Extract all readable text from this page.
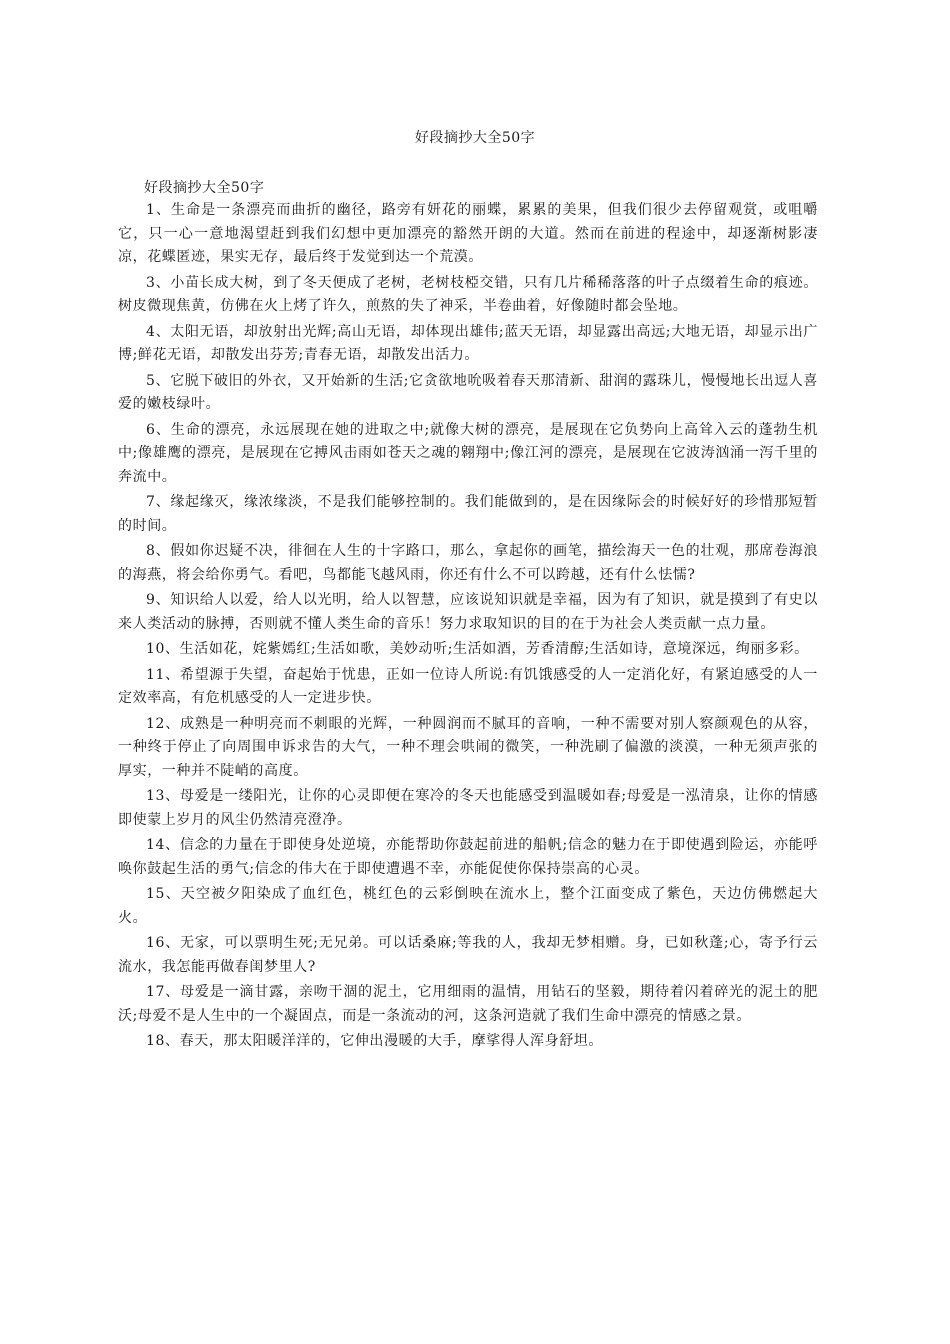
好段摘抄大全50字
好段摘抄大全50字

1、生命是一条漂亮而曲折的幽径，路旁有妍花的丽蝶，累累的美果，但我们很少去停留观赏，或咀嚼它，只一心一意地渴望赶到我们幻想中更加漂亮的豁然开朗的大道。然而在前进的程途中，却逐渐树影凄凉，花蝶匿迹，果实无存，最后终于发觉到达一个荒漠。

3、小苗长成大树，到了冬天便成了老树，老树枝椏交错，只有几片稀稀落落的叶子点缀着生命的痕迹。树皮微现焦黄，仿佛在火上烤了许久，煎熬的失了神采，半卷曲着，好像随时都会坠地。

4、太阳无语，却放射出光辉;高山无语，却体现出雄伟;蓝天无语，却显露出高远;大地无语，却显示出广博;鲜花无语，却散发出芬芳;青春无语，却散发出活力。

5、它脱下破旧的外衣，又开始新的生活;它贪欲地吮吸着春天那清新、甜润的露珠儿，慢慢地长出逗人喜爱的嫩枝绿叶。

6、生命的漂亮，永远展现在她的进取之中;就像大树的漂亮，是展现在它负势向上高耸入云的蓬勃生机中;像雄鹰的漂亮，是展现在它搏风击雨如苍天之魂的翱翔中;像江河的漂亮，是展现在它波涛汹涌一泻千里的奔流中。

7、缘起缘灭，缘浓缘淡，不是我们能够控制的。我们能做到的，是在因缘际会的时候好好的珍惜那短暂的时间。

8、假如你迟疑不决，徘徊在人生的十字路口，那么，拿起你的画笔，描绘海天一色的壮观，那席卷海浪的海燕，将会给你勇气。看吧，鸟都能飞越风雨，你还有什么不可以跨越，还有什么怯懦?

9、知识给人以爱，给人以光明，给人以智慧，应该说知识就是幸福，因为有了知识，就是摸到了有史以来人类活动的脉搏，否则就不懂人类生命的音乐！努力求取知识的目的在于为社会人类贡献一点力量。

10、生活如花，姹紫嫣红;生活如歌，美妙动听;生活如酒，芳香清醇;生活如诗，意境深远，绚丽多彩。

11、希望源于失望，奋起始于忧患，正如一位诗人所说:有饥饿感受的人一定消化好，有紧迫感受的人一定效率高，有危机感受的人一定进步快。

12、成熟是一种明亮而不刺眼的光辉，一种圆润而不腻耳的音响，一种不需要对别人察颜观色的从容，一种终于停止了向周围申诉求告的大气，一种不理会哄闹的微笑，一种洗刷了偏激的淡漠，一种无须声张的厚实，一种并不陡峭的高度。

13、母爱是一缕阳光，让你的心灵即便在寒冷的冬天也能感受到温暖如春;母爱是一泓清泉，让你的情感即使蒙上岁月的风尘仍然清亮澄净。

14、信念的力量在于即使身处逆境，亦能帮助你鼓起前进的船帆;信念的魅力在于即使遇到险运，亦能呼唤你鼓起生活的勇气;信念的伟大在于即使遭遇不幸，亦能促使你保持崇高的心灵。

15、天空被夕阳染成了血红色，桃红色的云彩倒映在流水上，整个江面变成了紫色，天边仿佛燃起大火。

16、无家，可以票明生死;无兄弟。可以话桑麻;等我的人，我却无梦相赠。身，已如秋蓬;心，寄予行云流水，我怎能再做春闺梦里人?

17、母爱是一滴甘露，亲吻干涸的泥土，它用细雨的温情，用钻石的坚毅，期待着闪着碎光的泥土的肥沃;母爱不是人生中的一个凝固点，而是一条流动的河，这条河造就了我们生命中漂亮的情感之景。

18、春天，那太阳暖洋洋的，它伸出漫暖的大手，摩挲得人浑身舒坦。
